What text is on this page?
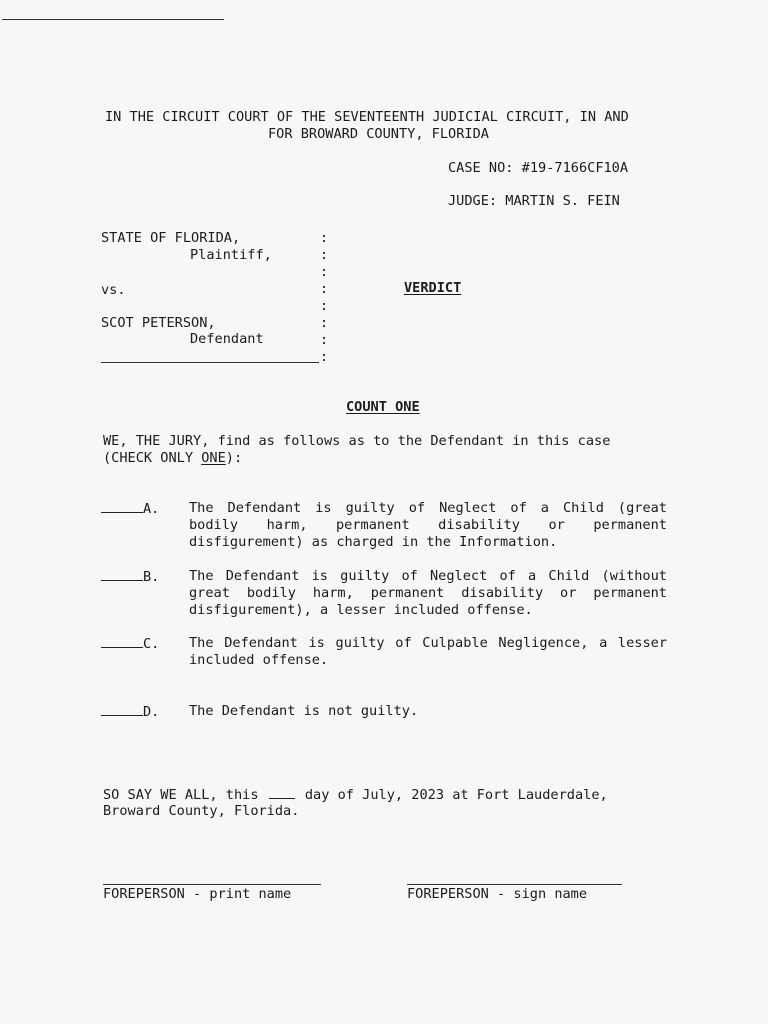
IN THE CIRCUIT COURT OF THE SEVENTEENTH JUDICIAL CIRCUIT, IN AND
FOR BROWARD COUNTY, FLORIDA
CASE NO: #19-7166CF10A
JUDGE: MARTIN S. FEIN
STATE OF FLORIDA,
Plaintiff,
vs.
SCOT PETERSON,
Defendant
:
:
:
:
:
:
:
:
VERDICT
COUNT ONE
WE, THE JURY, find as follows as to the Defendant in this case
(CHECK ONLY ONE):
A. The Defendant is guilty of Neglect of a Child (great bodily harm, permanent disability or permanent disfigurement) as charged in the Information.
B. The Defendant is guilty of Neglect of a Child (without great bodily harm, permanent disability or permanent disfigurement), a lesser included offense.
C. The Defendant is guilty of Culpable Negligence, a lesser included offense.
D. The Defendant is not guilty.
SO SAY WE ALL, this	day of July, 2023 at Fort Lauderdale,
Broward County, Florida.
FOREPERSON - print name	FOREPERSON - sign name
